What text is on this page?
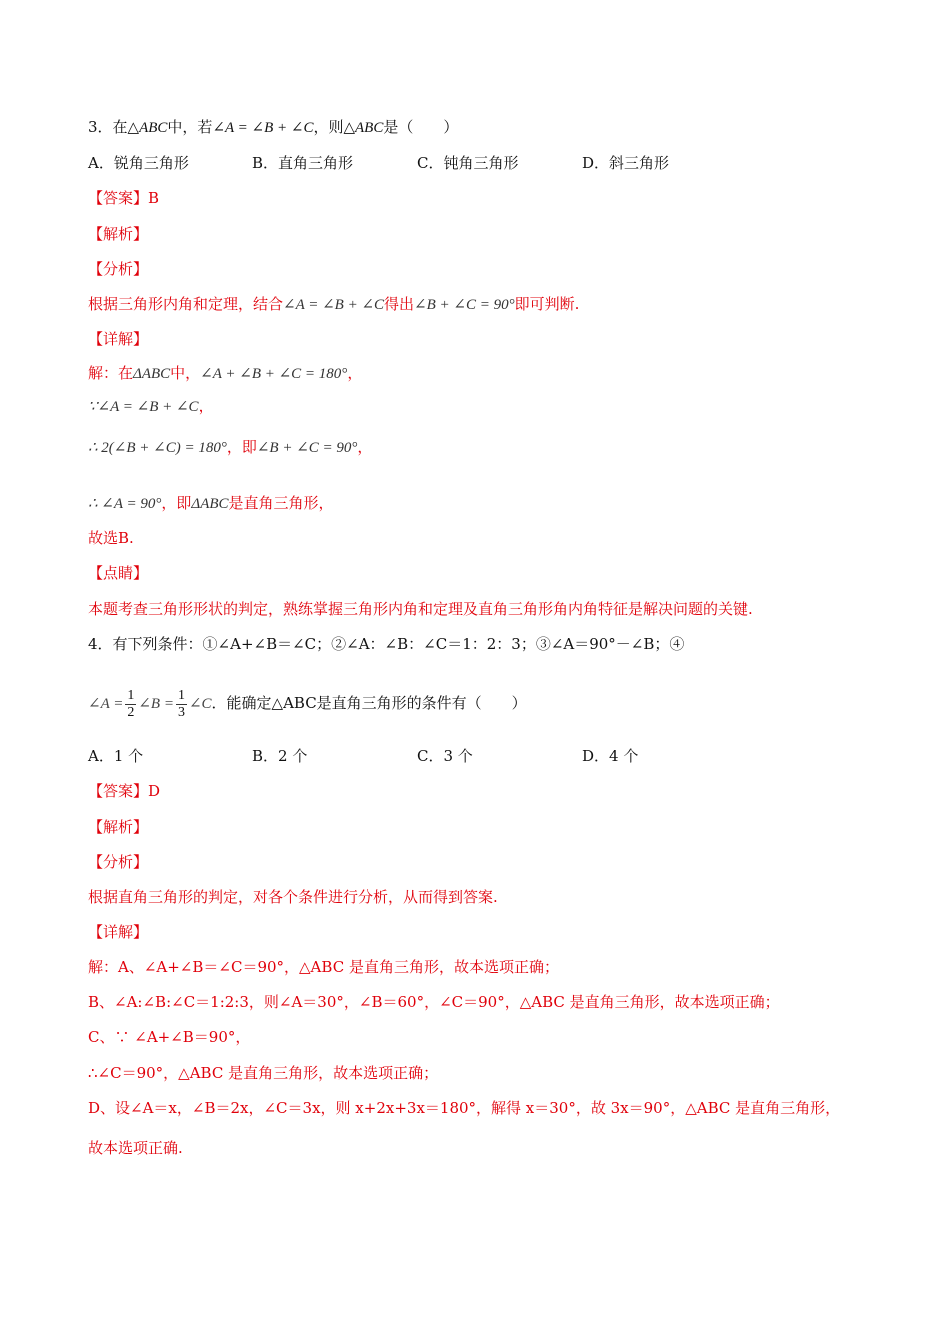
3．在△ABC中，若∠A = ∠B + ∠C，则△ABC是（　　）
A．锐角三角形	B．直角三角形	C．钝角三角形	D．斜三角形
【答案】B
【解析】
【分析】
根据三角形内角和定理，结合∠A = ∠B + ∠C得出∠B + ∠C = 90°即可判断.
【详解】
解：在ΔABC中，∠A + ∠B + ∠C = 180°，
∵∠A = ∠B + ∠C，
∴ 2(∠B + ∠C) = 180°，即∠B + ∠C = 90°，
∴ ∠A = 90°，即ΔABC是直角三角形，
故选B.
【点睛】
本题考查三角形形状的判定，熟练掌握三角形内角和定理及直角三角形角内角特征是解决问题的关键.
4．有下列条件：①∠A+∠B＝∠C；②∠A：∠B：∠C＝1：2：3；③∠A＝90°－∠B；④
∠A = $\frac{1}{2}$ ∠B = $\frac{1}{3}$ ∠C．能确定△ABC是直角三角形的条件有（　　）
A．1 个	B．2 个	C．3 个	D．4 个
【答案】D
【解析】
【分析】
根据直角三角形的判定，对各个条件进行分析，从而得到答案.
【详解】
解：A、∠A+∠B＝∠C＝90°，△ABC 是直角三角形，故本选项正确；
B、∠A:∠B:∠C＝1:2:3，则∠A＝30°，∠B＝60°，∠C＝90°，△ABC 是直角三角形，故本选项正确；
C、∵ ∠A+∠B＝90°，
∴∠C＝90°，△ABC 是直角三角形，故本选项正确；
D、设∠A＝x，∠B＝2x，∠C＝3x，则 x+2x+3x＝180°，解得 x＝30°，故 3x＝90°，△ABC 是直角三角形，
故本选项正确.
